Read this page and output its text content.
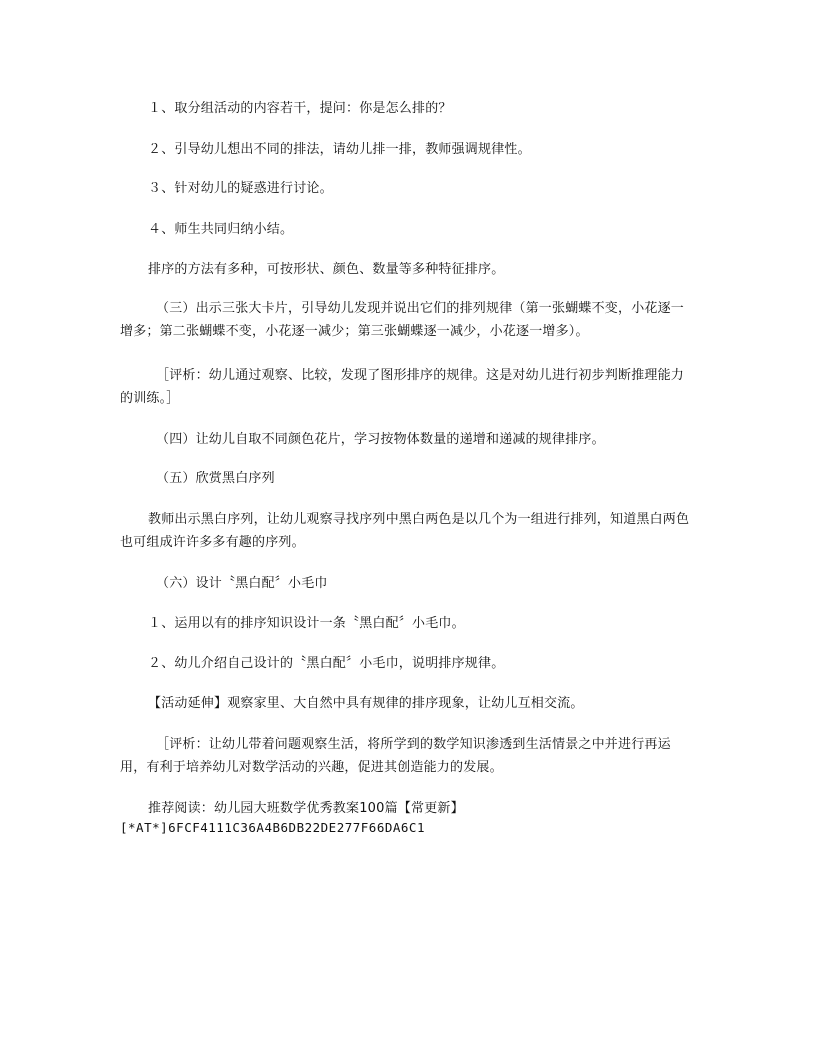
１、取分组活动的内容若干，提问：你是怎么排的？

２、引导幼儿想出不同的排法，请幼儿排一排，教师强调规律性。

３、针对幼儿的疑惑进行讨论。

４、师生共同归纳小结。

排序的方法有多种，可按形状、颜色、数量等多种特征排序。

（三）出示三张大卡片，引导幼儿发现并说出它们的排列规律（第一张蝴蝶不变，小花逐一增多；第二张蝴蝶不变，小花逐一减少；第三张蝴蝶逐一减少，小花逐一增多）。

［评析：幼儿通过观察、比较，发现了图形排序的规律。这是对幼儿进行初步判断推理能力的训练。］

（四）让幼儿自取不同颜色花片，学习按物体数量的递增和递减的规律排序。

（五）欣赏黑白序列

教师出示黑白序列，让幼儿观察寻找序列中黑白两色是以几个为一组进行排列，知道黑白两色也可组成许许多多有趣的序列。

（六）设计〝黑白配〞小毛巾

１、运用以有的排序知识设计一条〝黑白配〞小毛巾。

２、幼儿介绍自己设计的〝黑白配〞小毛巾，说明排序规律。

【活动延伸】观察家里、大自然中具有规律的排序现象，让幼儿互相交流。

［评析：让幼儿带着问题观察生活，将所学到的数学知识渗透到生活情景之中并进行再运用，有利于培养幼儿对数学活动的兴趣，促进其创造能力的发展。

推荐阅读：幼儿园大班数学优秀教案100篇【常更新】

[*AT*]6FCF4111C36A4B6DB22DE277F66DA6C1
